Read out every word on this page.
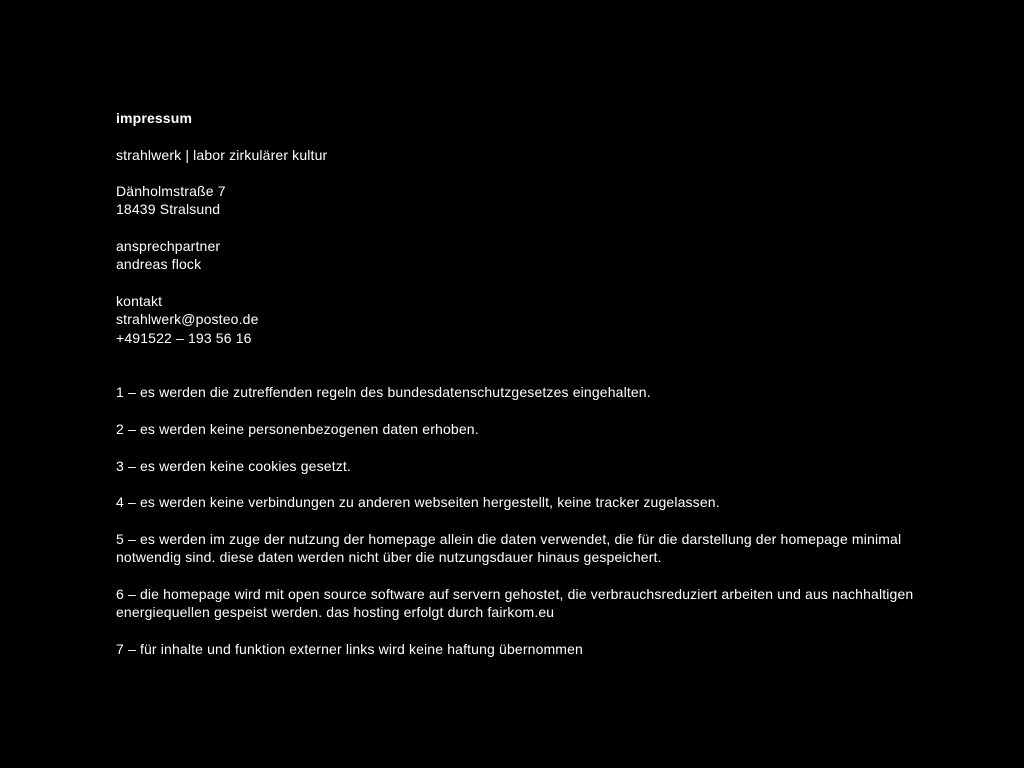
impressum
strahlwerk | labor zirkulärer kultur
Dänholmstraße 7
18439 Stralsund
ansprechpartner
andreas flock
kontakt
strahlwerk@posteo.de
+491522 – 193 56 16

1 – es werden die zutreffenden regeln des bundesdatenschutzgesetzes eingehalten.

2 – es werden keine personenbezogenen daten erhoben.

3 – es werden keine cookies gesetzt.

4 – es werden keine verbindungen zu anderen webseiten hergestellt, keine tracker zugelassen.

5 – es werden im zuge der nutzung der homepage allein die daten verwendet, die für die darstellung der homepage minimal notwendig sind. diese daten werden nicht über die nutzungsdauer hinaus gespeichert.

6 – die homepage wird mit open source software auf servern gehostet, die verbrauchsreduziert arbeiten und aus nachhaltigen energiequellen gespeist werden. das hosting erfolgt durch fairkom.eu

7 – für inhalte und funktion externer links wird keine haftung übernommen
